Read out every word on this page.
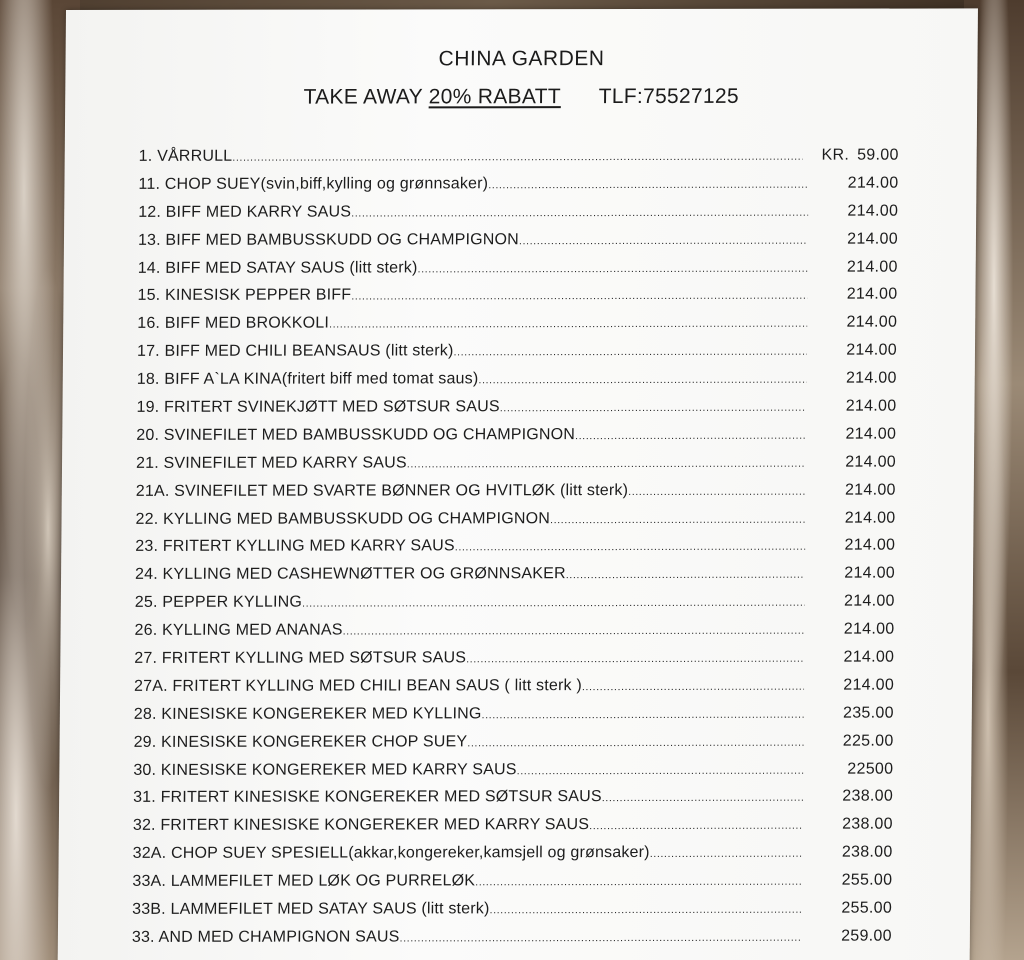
CHINA GARDEN
TAKE AWAY 20% RABATT TLF:75527125
1. VÅRRULL .....	KR. 59.00
11. CHOP SUEY(svin,biff,kylling og grønnsaker) .....	214.00
12. BIFF MED KARRY SAUS .....	214.00
13. BIFF MED BAMBUSSKUDD OG CHAMPIGNON .....	214.00
14. BIFF MED SATAY SAUS (litt sterk) .....	214.00
15. KINESISK PEPPER BIFF .....	214.00
16. BIFF MED BROKKOLI .....	214.00
17. BIFF MED CHILI BEANSAUS (litt sterk) .....	214.00
18. BIFF A`LA KINA(fritert biff med tomat saus) .....	214.00
19. FRITERT SVINEKJØTT MED SØTSUR SAUS .....	214.00
20. SVINEFILET MED BAMBUSSKUDD OG CHAMPIGNON .....	214.00
21. SVINEFILET MED KARRY SAUS .....	214.00
21A. SVINEFILET MED SVARTE BØNNER OG HVITLØK (litt sterk) .....	214.00
22. KYLLING MED BAMBUSSKUDD OG CHAMPIGNON .....	214.00
23. FRITERT KYLLING MED KARRY SAUS .....	214.00
24. KYLLING MED CASHEWNØTTER OG GRØNNSAKER .....	214.00
25. PEPPER KYLLING .....	214.00
26. KYLLING MED ANANAS .....	214.00
27. FRITERT KYLLING MED SØTSUR SAUS .....	214.00
27A. FRITERT KYLLING MED CHILI BEAN SAUS ( litt sterk ) .....	214.00
28. KINESISKE KONGEREKER MED KYLLING .....	235.00
29. KINESISKE KONGEREKER CHOP SUEY .....	225.00
30. KINESISKE KONGEREKER MED KARRY SAUS .....	22500
31. FRITERT KINESISKE KONGEREKER MED SØTSUR SAUS .....	238.00
32. FRITERT KINESISKE KONGEREKER MED KARRY SAUS .....	238.00
32A. CHOP SUEY SPESIELL(akkar,kongereker,kamsjell og grønsaker) .....	238.00
33A. LAMMEFILET MED LØK OG PURRELØK .....	255.00
33B. LAMMEFILET MED SATAY SAUS (litt sterk) .....	255.00
33. AND MED CHAMPIGNON SAUS .....	259.00
